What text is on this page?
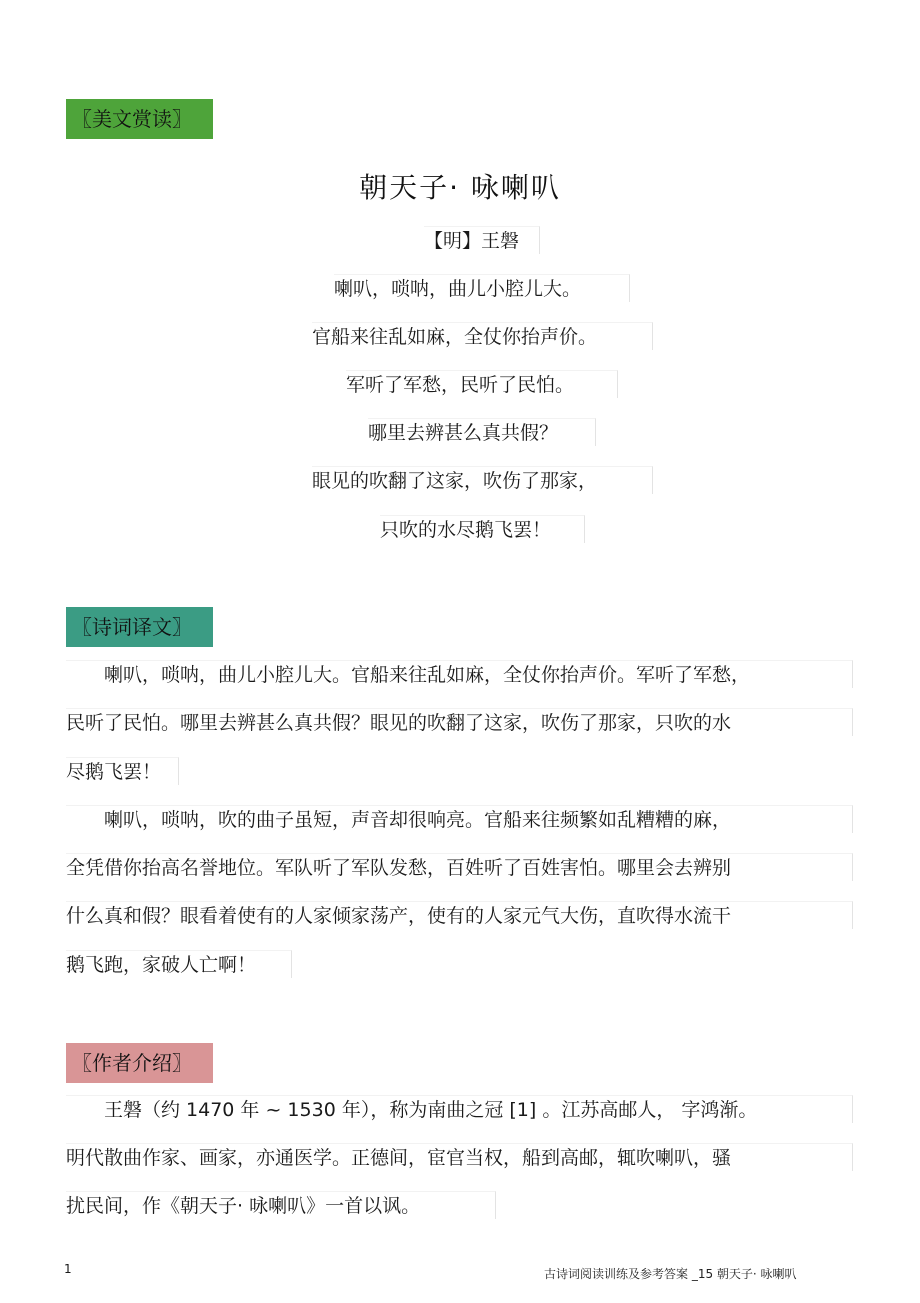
〖美文赏读〗
朝天子· 咏喇叭
【明】王磐
喇叭，唢呐，曲儿小腔儿大。
官船来往乱如麻，全仗你抬声价。
军听了军愁，民听了民怕。
哪里去辨甚么真共假？
眼见的吹翻了这家，吹伤了那家，
只吹的水尽鹅飞罢！
〖诗词译文〗
　　喇叭，唢呐，曲儿小腔儿大。官船来往乱如麻，全仗你抬声价。军听了军愁，
民听了民怕。哪里去辨甚么真共假？眼见的吹翻了这家，吹伤了那家，只吹的水
尽鹅飞罢！
　　喇叭，唢呐，吹的曲子虽短，声音却很响亮。官船来往频繁如乱糟糟的麻，
全凭借你抬高名誉地位。军队听了军队发愁，百姓听了百姓害怕。哪里会去辨别
什么真和假？眼看着使有的人家倾家荡产，使有的人家元气大伤，直吹得水流干
鹅飞跑，家破人亡啊！
〖作者介绍〗
　　王磐（约 1470 年 ~ 1530 年），称为南曲之冠 [1] 。江苏高邮人， 字鸿渐。
明代散曲作家、画家，亦通医学。正德间，宦官当权，船到高邮，辄吹喇叭，骚
扰民间，作《朝天子· 咏喇叭》一首以讽。
1	古诗词阅读训练及参考答案 _15 朝天子· 咏喇叭
